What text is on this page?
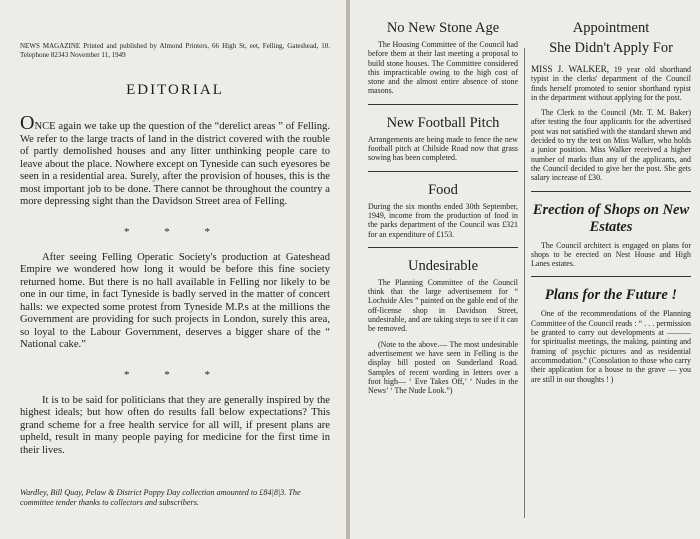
NEWS MAGAZINE Printed and published by Almond Printers, 66 High St, eet, Felling, Gateshead, 10. Telephone 82343 November 11, 1949
EDITORIAL

ONCE again we take up the question of the “derelict areas ” of Felling. We refer to the large tracts of land in the district covered with the rouble of partly demolished houses and any litter unthinking people care to leave about the place. Nowhere except on Tyneside can such eyesores be seen in a residential area. Surely, after the provision of houses, this is the most important job to be done. There cannot be throughout the country a more depressing sight than the Davidson Street area of Felling.

* * *

After seeing Felling Operatic Society's production at Gateshead Empire we wondered how long it would be before this fine society returned home. But there is no hall available in Felling nor likely to be one in our time, in fact Tyneside is badly served in the matter of concert halls: we expected some protest from Tyneside M.P.s at the millions the Government are providing for such projects in London, surely this area, so loyal to the Labour Government, deserves a bigger share of the “ National cake.”

* * *

It is to be said for politicians that they are generally inspired by the highest ideals; but how often do results fall below expectations? This grand scheme for a free health service for all will, if present plans are upheld, result in many people paying for medicine for the first time in their lives.

Wardley, Bill Quay, Pelaw & District Poppy Day collection amounted to £84|8|3. The committee tender thanks to collectors and subscribers.
No New Stone Age

The Housing Committee of the Council had before them at their last meeting a proposal to build stone houses. The Committee considered this impracticable owing to the high cost of stone and the almost entire absence of stone masons.

New Football Pitch

Arrangements are being made to fence the new football pitch at Chilside Road now that grass sowing has been completed.

Food

During the six months ended 30th September, 1949, income from the production of food in the parks department of the Council was £321 for an expenditure of £153.

Undesirable

The Planning Committee of the Council think that the large advertisement for “ Lochside Ales ” painted on the gable end of the off-license shop in Davidson Street, undesirable, and are taking steps to see if it can be removed.

(Note to the above.— The most undesirable advertisement we have seen in Felling is the display bill posted on Sunderland Road. Samples of recent wording in letters over a foot high— ‘ Eve Takes Off,’ ‘ Nudes in the News’ ‘ The Nude Look.”)

Appointment
She Didn't Apply For

MISS J. WALKER, 19 year old shorthand typist in the clerks' department of the Council finds herself promoted to senior shorthand typist in the department without applying for the post.

The Clerk to the Council (Mr. T. M. Baker) after testing the four applicants for the advertised post was not satisfied with the standard shewn and decided to try the test on Miss Walker, who holds a junior position. Miss Walker received a higher number of marks than any of the applicants, and the Council decided to give her the post. She gets salary increase of £30.

Erection of Shops on New Estates

The Council architect is engaged on plans for shops to be erected on Nest House and High Lanes estates.

Plans for the Future !

One of the recommendations of the Planning Committee of the Council reads : “ . . . permission be granted to carry out developments at ——— for spiritualist meetings, the making, painting and framing of psychic pictures and as residential accommodation.” (Consolation to those who carry their application for a house to the grave — you are still in our thoughts ! )
